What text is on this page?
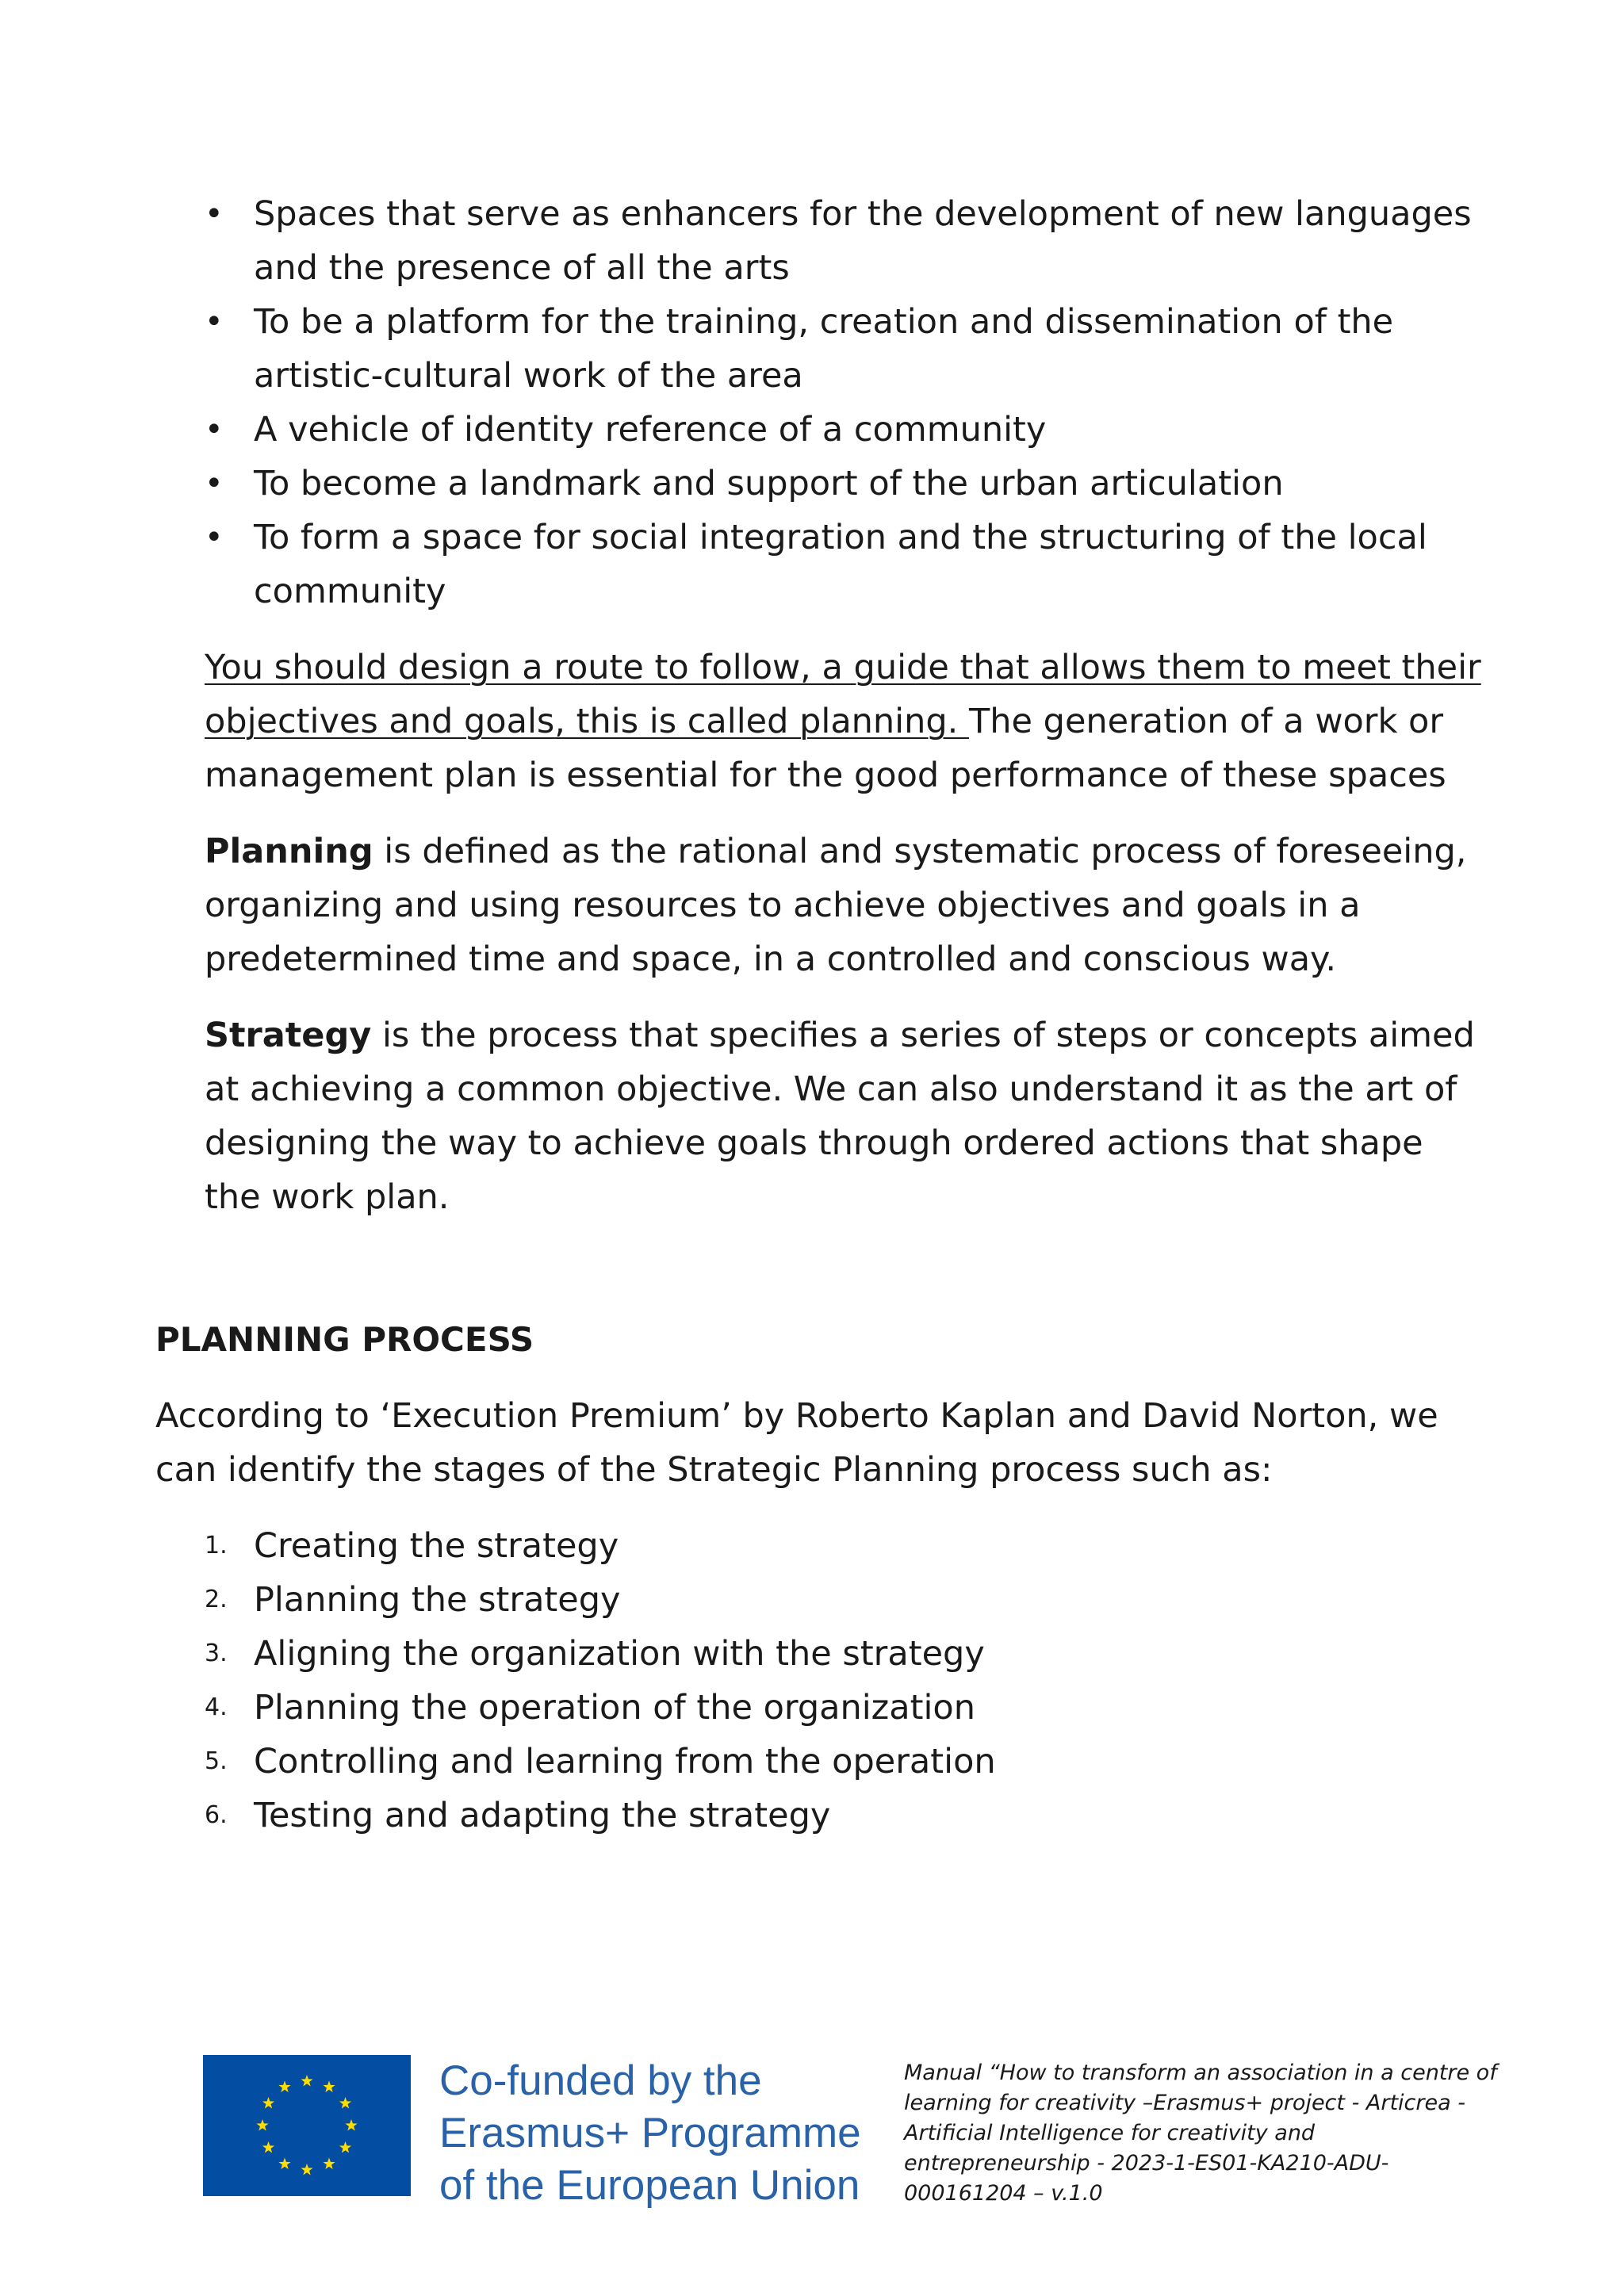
• Spaces that serve as enhancers for the development of new languages and the presence of all the arts
• To be a platform for the training, creation and dissemination of the artistic-cultural work of the area
• A vehicle of identity reference of a community
• To become a landmark and support of the urban articulation
• To form a space for social integration and the structuring of the local community

You should design a route to follow, a guide that allows them to meet their objectives and goals, this is called planning. The generation of a work or management plan is essential for the good performance of these spaces

Planning is defined as the rational and systematic process of foreseeing, organizing and using resources to achieve objectives and goals in a predetermined time and space, in a controlled and conscious way.

Strategy is the process that specifies a series of steps or concepts aimed at achieving a common objective. We can also understand it as the art of designing the way to achieve goals through ordered actions that shape the work plan.

PLANNING PROCESS

According to ‘Execution Premium’ by Roberto Kaplan and David Norton, we can identify the stages of the Strategic Planning process such as:

1. Creating the strategy
2. Planning the strategy
3. Aligning the organization with the strategy
4. Planning the operation of the organization
5. Controlling and learning from the operation
6. Testing and adapting the strategy
Co-funded by the
Erasmus+ Programme
of the European Union
Manual “How to transform an association in a centre of learning for creativity –Erasmus+ project - Articrea - Artificial Intelligence for creativity and entrepreneurship - 2023-1-ES01-KA210-ADU-000161204 – v.1.0
